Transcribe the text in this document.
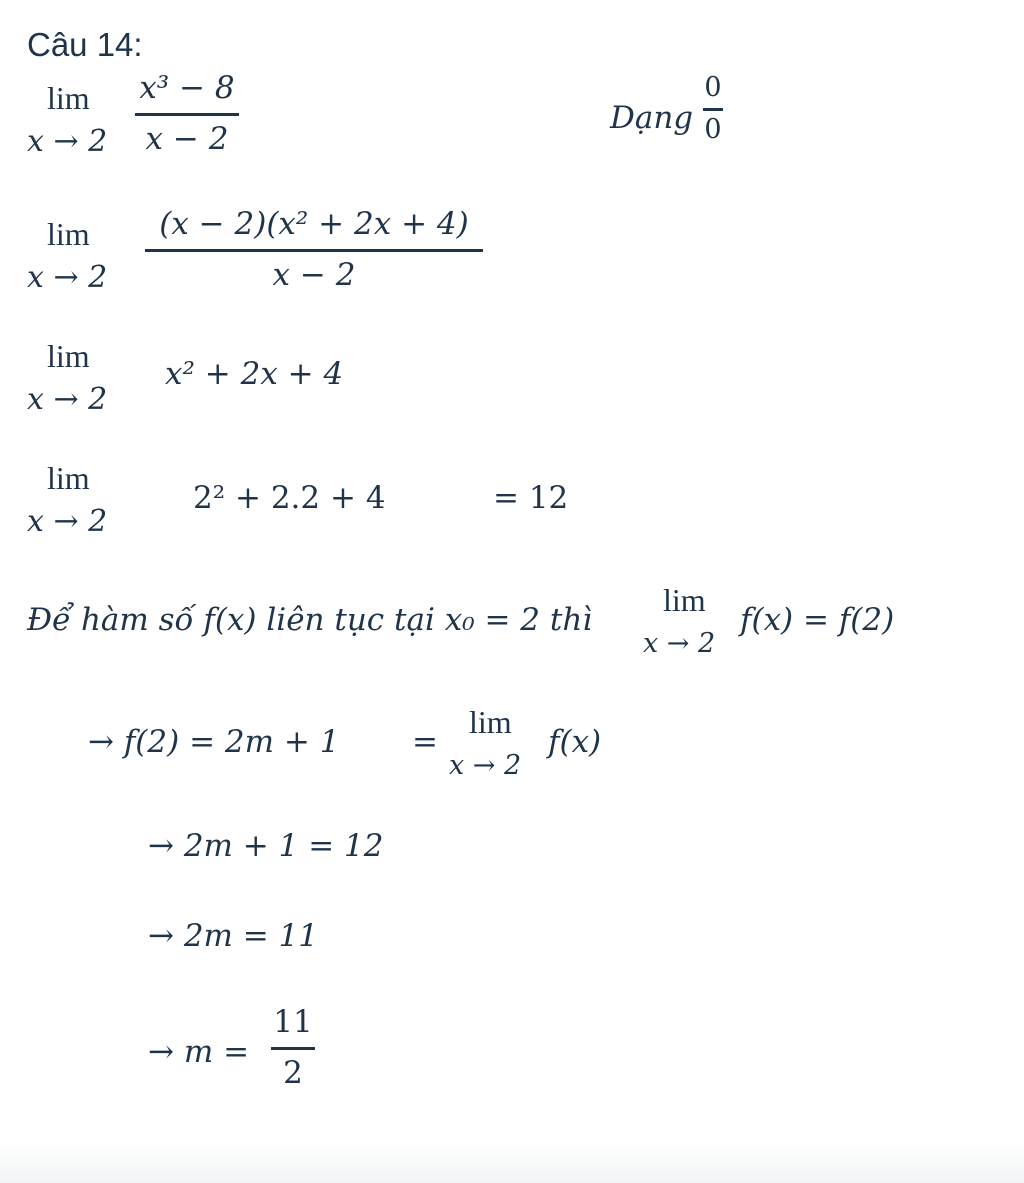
Câu 14:
lim
x → 2
x³ − 8
x − 2
Dạng
0
0
lim
x → 2
(x − 2)(x² + 2x + 4)
x − 2
lim
x → 2
x² + 2x + 4
lim
x → 2
2² + 2.2 + 4	= 12
Để hàm số f(x) liên tục tại x₀ = 2 thì
lim
x → 2
f(x) = f(2)
→ f(2) = 2m + 1 =
lim
x → 2
f(x)
→ 2m + 1 = 12
→ 2m = 11
→ m =
11
2
